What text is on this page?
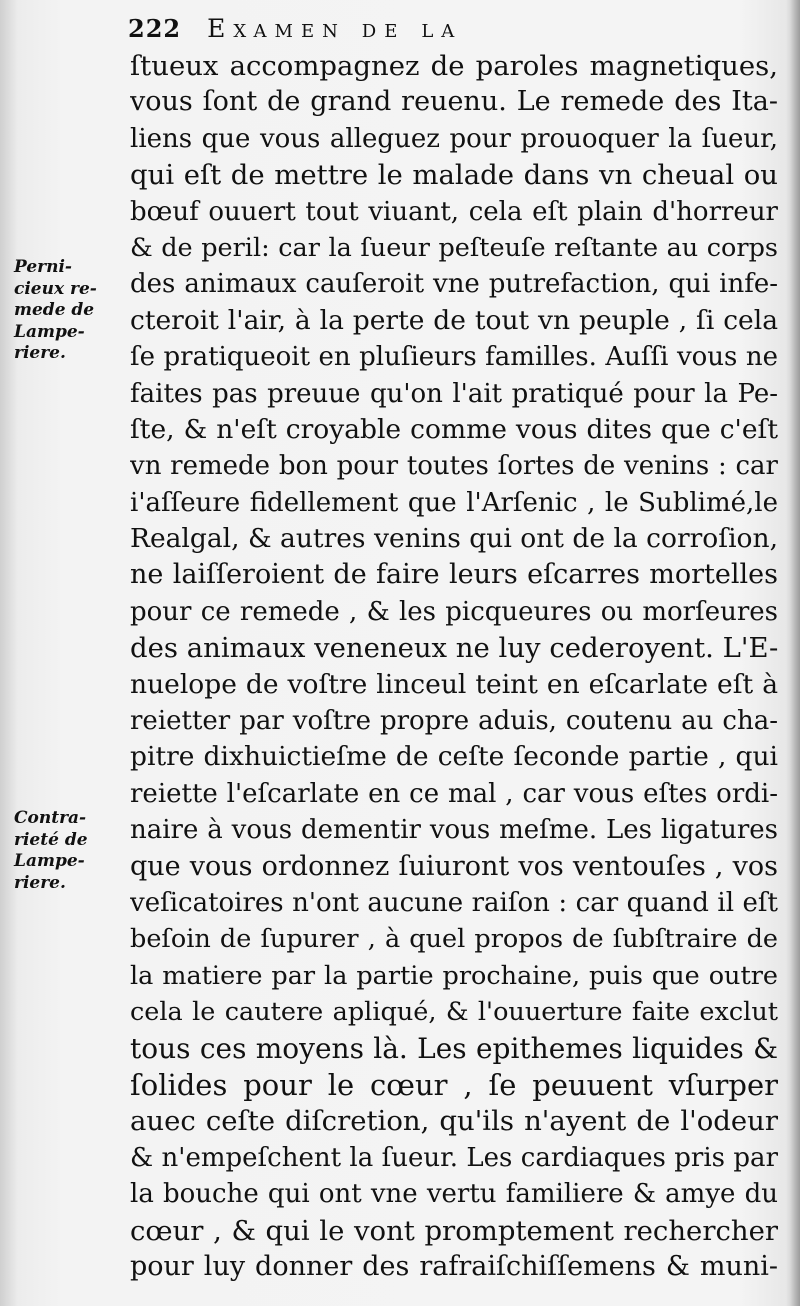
222 Examen de la
Perni-
cieux re-
mede de
Lampe-
riere.
Contra-
rieté de
Lampe-
riere.
ſtueux accompagnez de paroles magnetiques,
vous ſont de grand reuenu. Le remede des Ita-
liens que vous alleguez pour prouoquer la ſueur,
qui eſt de mettre le malade dans vn cheual ou
bœuf ouuert tout viuant, cela eſt plain d'horreur
& de peril: car la ſueur peſteuſe reſtante au corps
des animaux cauſeroit vne putrefaction, qui infe-
cteroit l'air, à la perte de tout vn peuple , ſi cela
ſe pratiqueoit en pluſieurs familles. Auſſi vous ne
faites pas preuue qu'on l'ait pratiqué pour la Pe-
ſte, & n'eſt croyable comme vous dites que c'eſt
vn remede bon pour toutes ſortes de venins : car
i'aſſeure fidellement que l'Arſenic , le Sublimé,le
Realgal, & autres venins qui ont de la corroſion,
ne laiſſeroient de faire leurs eſcarres mortelles
pour ce remede , & les picqueures ou morſeures
des animaux veneneux ne luy cederoyent. L'E-
nuelope de voſtre linceul teint en eſcarlate eſt à
reietter par voſtre propre aduis, coutenu au cha-
pitre dixhuictieſme de ceſte ſeconde partie , qui
reiette l'eſcarlate en ce mal , car vous eſtes ordi-
naire à vous dementir vous meſme. Les ligatures
que vous ordonnez ſuiuront vos ventouſes , vos
veſicatoires n'ont aucune raiſon : car quand il eſt
beſoin de ſupurer , à quel propos de ſubſtraire de
la matiere par la partie prochaine, puis que outre
cela le cautere apliqué, & l'ouuerture faite exclut
tous ces moyens là. Les epithemes liquides &
ſolides pour le cœur , ſe peuuent vſurper
auec ceſte diſcretion, qu'ils n'ayent de l'odeur
& n'empeſchent la ſueur. Les cardiaques pris par
la bouche qui ont vne vertu familiere & amye du
cœur , & qui le vont promptement rechercher
pour luy donner des rafraiſchiſſemens & muni-
